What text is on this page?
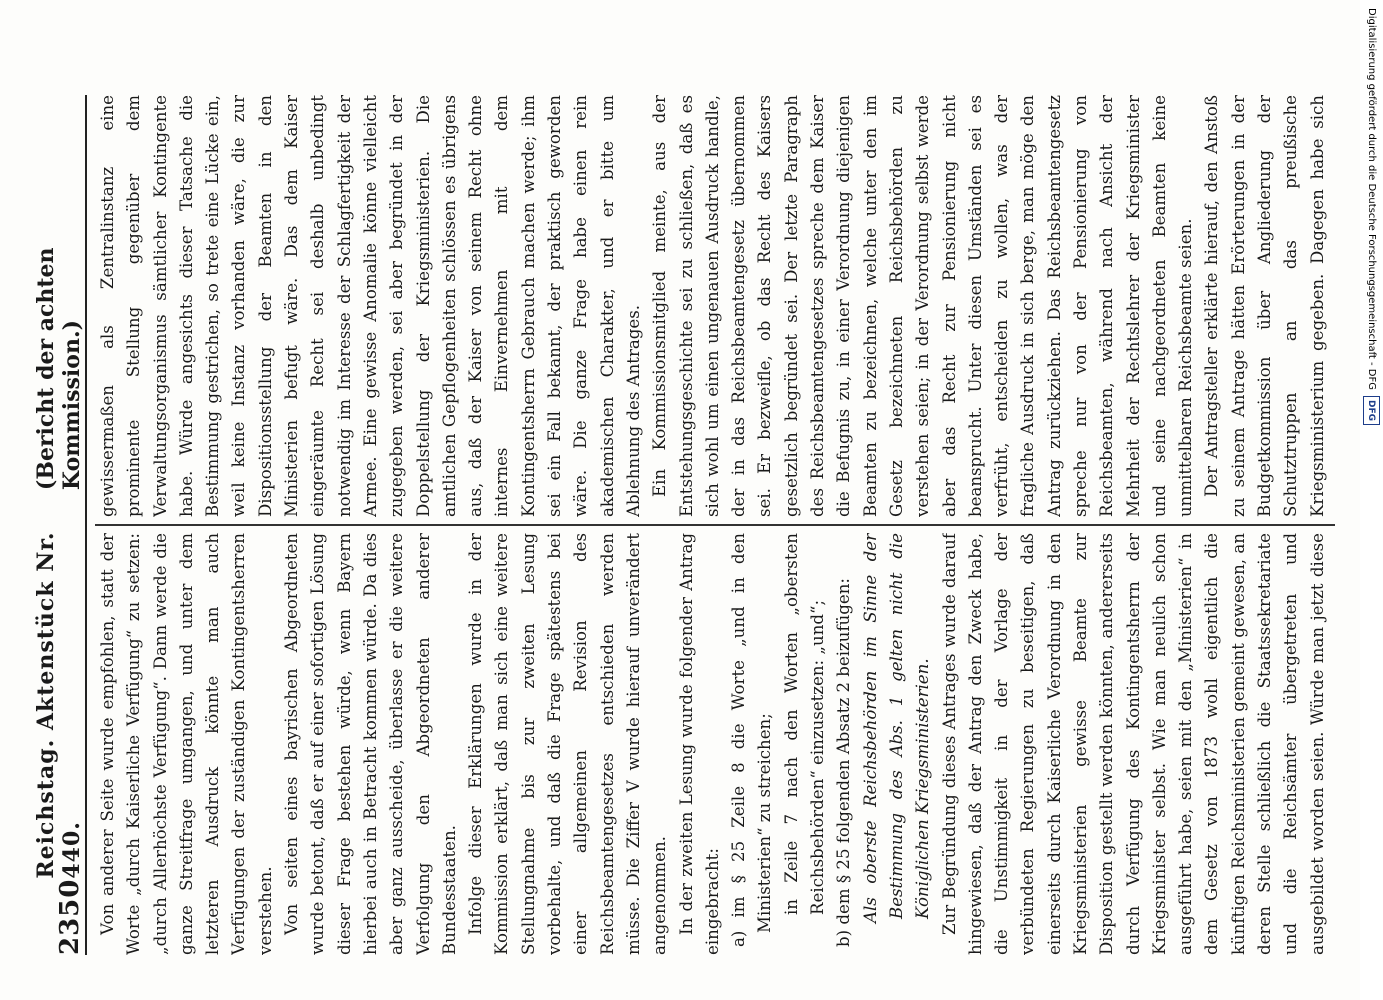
2350
Reichstag. Aktenstück Nr. 440.
(Bericht der achten Kommission.)

Von anderer Seite wurde empfohlen, statt der Worte „durch Kaiserliche Verfügung“ zu setzen: „durch Allerhöchste Verfügung“. Dann werde die ganze Streitfrage umgangen, und unter dem letzteren Ausdruck könnte man auch Verfügungen der zuständigen Kontingentsherren verstehen. Von seiten eines bayrischen Abgeordneten wurde betont, daß er auf einer sofortigen Lösung dieser Frage bestehen würde, wenn Bayern hierbei auch in Betracht kommen würde. Da dies aber ganz ausscheide, überlasse er die weitere Verfolgung den Abgeordneten anderer Bundesstaaten. Infolge dieser Erklärungen wurde in der Kommission erklärt, daß man sich eine weitere Stellungnahme bis zur zweiten Lesung vorbehalte, und daß die Frage spätestens bei einer allgemeinen Revision des Reichsbeamtengesetzes entschieden werden müsse. Die Ziffer V wurde hierauf unverändert angenommen. In der zweiten Lesung wurde folgender Antrag eingebracht: a) im § 25 Zeile 8 die Worte „und in den Ministerien“ zu streichen; in Zeile 7 nach den Worten „obersten Reichsbehörden“ einzusetzen: „und“; b) dem § 25 folgenden Absatz 2 beizufügen: Als oberste Reichsbehörden im Sinne der Bestimmung des Abs. 1 gelten nicht die Königlichen Kriegsministerien.

Zur Begründung dieses Antrages wurde darauf hingewiesen, daß der Antrag den Zweck habe, die Unstimmigkeit in der Vorlage der verbündeten Regierungen zu beseitigen, daß einerseits durch Kaiserliche Verordnung in den Kriegsministerien gewisse Beamte zur Disposition gestellt werden könnten, andererseits durch Verfügung des Kontingentsherrn der Kriegsminister selbst. Wie man neulich schon ausgeführt habe, seien mit den „Ministerien“ in dem Gesetz von 1873 wohl eigentlich die künftigen Reichsministerien gemeint gewesen, an deren Stelle schließlich die Staatssekretariate und die Reichsämter übergetreten und ausgebildet worden seien. Würde man jetzt diese

gewissermaßen als Zentralinstanz eine prominente Stellung gegenüber dem Verwaltungsorganismus sämtlicher Kontingente habe. Würde angesichts dieser Tatsache die Bestimmung gestrichen, so trete eine Lücke ein, weil keine Instanz vorhanden wäre, die zur Dispositionsstellung der Beamten in den Ministerien befugt wäre. Das dem Kaiser eingeräumte Recht sei deshalb unbedingt notwendig im Interesse der Schlagfertigkeit der Armee. Eine gewisse Anomalie könne vielleicht zugegeben werden, sei aber begründet in der Doppelstellung der Kriegsministerien. Die amtlichen Gepflogenheiten schlössen es übrigens aus, daß der Kaiser von seinem Recht ohne internes Einvernehmen mit dem Kontingentsherrn Gebrauch machen werde; ihm sei ein Fall bekannt, der praktisch geworden wäre. Die ganze Frage habe einen rein akademischen Charakter, und er bitte um Ablehnung des Antrages. Ein Kommissionsmitglied meinte, aus der Entstehungsgeschichte sei zu schließen, daß es sich wohl um einen ungenauen Ausdruck handle, der in das Reichsbeamtengesetz übernommen sei. Er bezweifle, ob das Recht des Kaisers gesetzlich begründet sei. Der letzte Paragraph des Reichsbeamtengesetzes spreche dem Kaiser die Befugnis zu, in einer Verordnung diejenigen Beamten zu bezeichnen, welche unter den im Gesetz bezeichneten Reichsbehörden zu verstehen seien; in der Verordnung selbst werde aber das Recht zur Pensionierung nicht beansprucht. Unter diesen Umständen sei es verfrüht, entscheiden zu wollen, was der fragliche Ausdruck in sich berge, man möge den Antrag zurückziehen. Das Reichsbeamtengesetz spreche nur von der Pensionierung von Reichsbeamten, während nach Ansicht der Mehrheit der Rechtslehrer der Kriegsminister und seine nachgeordneten Beamten keine unmittelbaren Reichsbeamte seien. Der Antragsteller erklärte hierauf, den Anstoß zu seinem Antrage hätten Erörterungen in der Budgetkommission über Angliederung der Schutztruppen an das preußische Kriegsministerium gegeben. Dagegen habe sich	Digitalisierung gefördert durch die Deutsche Forschungsgemeinschaft - DFG
DFG
